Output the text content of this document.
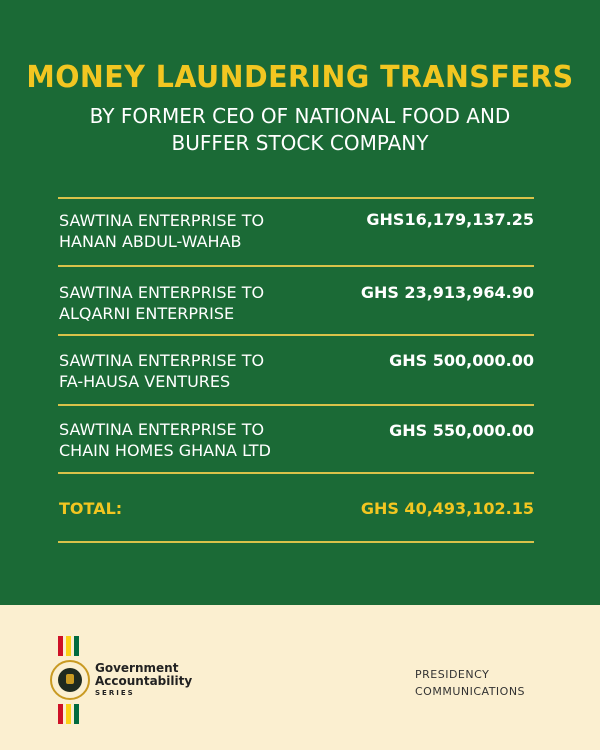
MONEY LAUNDERING TRANSFERS
BY FORMER CEO OF NATIONAL FOOD AND
BUFFER STOCK COMPANY
SAWTINA ENTERPRISE TO
HANAN ABDUL-WAHAB
GHS16,179,137.25
SAWTINA ENTERPRISE TO
ALQARNI ENTERPRISE
GHS 23,913,964.90
SAWTINA ENTERPRISE TO
FA-HAUSA VENTURES
GHS 500,000.00
SAWTINA ENTERPRISE TO
CHAIN HOMES GHANA LTD
GHS 550,000.00
TOTAL:	GHS 40,493,102.15
Government
Accountability
SERIES
PRESIDENCY
COMMUNICATIONS
